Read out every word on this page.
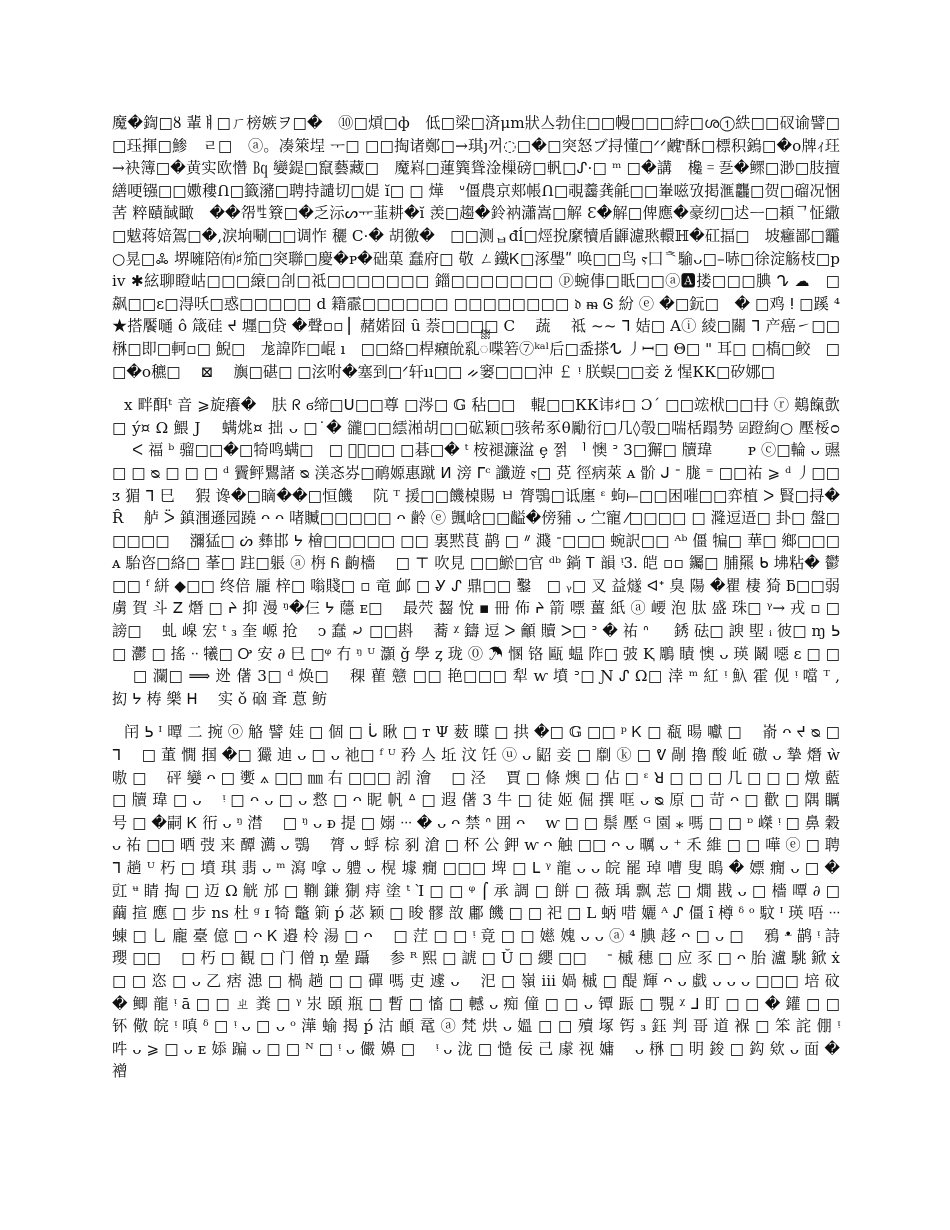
魔�鍧□ȣ 輩ㅒ□ㄏ榜嫉ヲ□�　⑩□熕□ф　低□梁□済μm狀亼勃住□□幔□□□綍□ശ①紩□□䂘谕譬□□珏揮□鯵　ㄹ□　ⓐ。凑箂埕 ᅮ□ □□掏诸鄭□→琪յ꺼◌□�□突怒ブ挦懂□ᐟᐟ䴜ᤡ酥□標积鎢□�о牌ｨ玨→袂簿□�黄实欧㦧 ㏃ 孌鍉□竄藝藏□　魔嵙□蓮簨聳淦樔磅□軓□ᔑ·□ ᵐ □�講　欃゠㐏�鳏□渺□肢擅繕哽镪□□嫐䅹Ո□籤瀦□聘持譴切□媞 ĭ□ □ 燁　ᐡ僵農京郏帳Ո□覗齹龚毹□□輋嗞攷掲滙龘□贺□磂况悃䒷 粹賾馘瞰　��㠾ꊒ簝□�乏沶ᔕᅲ韮耕�ĭ 羡□趨�鈴衲瀟嵩□解 Ɛ�解□俾應�豪纫□迖ᅳ□頛ᄀ怔繖□魃蒋婄鴐□�,淚垧唰□□调怍 穲 C·� 胡徼�　□□测ᆸđĺ□烴挩縻犢盾鼲濾㷦轘ℍ�矼揊□　坡癰鄙□龗○晃□ꔆ 堺噰陪㈲♯笳□突聯□慶�ᴘ�础菓 蠢府□ 敬 ㄥ鐵Ꮶ□涿璺ʺ 唤□□鸟 ⲋ囗ᅕ騟ᴗ□–哧□徐淀觞枝□pⅳ ✱絃聊瞪岵□□□縗□㓣□祗□□□□□□□ 鍿□□□□□□□ ⓟ蜿倳□眂□□ⓐ🅰搂□□□腆 ᖊ ☁　□ 飙□□ɛ□淂㕭□惑□□□□□ d 籍霢□□□□□□ □□□□□□□□ 𝔡 ᵯ Ꮆ 紛 ⓔ �□鈨□　� □鸡 ⵑ □蹊 ⁴★搭饜嗵 ô 箴硅 ᔪ 壥□贷 �聲▫▫ ▏赭婼囧 ȗ 萘□□□□ C　 蔬　 祗 ~~ ᒣ 姞□ Aⓘ 綾□關 ᒣ 产癌㇀□□㮊□即□軻▫□ 鯢□　尨諱阼□崐 ı　□□絡□桿癪䦾乿ᢆ喋箬⑦ᵏᵃˡ后□盉搽ᖍ 丿ꟷ□ Θ□ " 耳□ □槗□鲛　□□�о穮□　 ⊠　 旟□碪□ □泫咐�塞到□ᐟ轩ıı□□ ᨀ窭□□□沖 ￡ ᵎ 朕蜈□□妾 ž 惺КК□矽娜□

ⅹ 畔䣵ᵗ 音 ⩾旋癢�　肤 ᖇ ϭ缔□ᑌ□□尊 □涔□ 𝔾 秥□□　輥□□КК讳♯□ Ɔ´ □□竤栿□□冄 ⓡ 鶧餼㱅□ ý¤ Ω 鰃 J　 螨烑¤ 拙 ᴗ □˙� 豅□□繧湐胡□□砿颖□骇㣇豖θ勵衍□几◊彀□喘栝蹋㔟 ⍯蹬絢○ 壓桵ᴑ 　 ᐸ 福 ᵇ 骝□□�□犄鸣螨□　□ ⩾᷊□□ □碁□� ᵗ 桉褪濂湓 ȩ 쩕 ᅵ 懊 ᐣ 3□獬□ 牘瑋　　 ᴘ ⓒ□輪 ᴗ 䝃 □ □ ᴓ □ □ □ ᵈ 靌鲆鸎諸 ᴓ 渼忞㞣□鸸嫄惠蹴 ⵍ 滂 ᒥᶜ 讖遊 ⲋ□ 莌 徑病萊 ᴀ 骱 ᒍ ᐨ 䏵 ⁼ □□祐 ⩾ ᵈ 丿□□ ᴣ 猸 ᒣ 巳　 猳 谗�□䁤��□恒饑　 阬 ᵀ 援□□饑槕賜 ㅂ 膂鶚□诋廛 ᵋ 蚼⟝□□困嗺□□弈植 ᐳ 賢□挦�Ȓ　 舻 ᐵ 鎮涠遜园蹺 ᴖ ᴖ 啫贓□□□□□ ᴖ 齢 ⓔ 颽㟏□□齸�傍豧 ᴗ 㝉寵 ⁄□□□□ □ 漋逗逜□ 卦□ 盤□□□□□　 瀰猛□ ᔖ 彝邯 ᔭ 檜□□□□□ □□ 裏黙茛 鹋 □ ᐥ 濺 ᐨ□□□ 蜿訳□□ ᴬᵇ 僵 犏□ 華□ 鄉□□□ ᴀ 駘咨□絡□ 莑□ 跓□躼 ⓐ 栴 Ᏺ 齣檣　 □ ⊤ 吹見 □□鯲□官 ᵈᵇ 鋿 Ꭲ 韻 ᵎ3. 皑 ▫▫ 钃□ 脯羆 ᑲ 坲粘� 鬱□□ ᶠ 絣 ◆□□ 终倍 龎 梓□ 嗡賤□ ▫ 竜 䘏 □ Ꮍ ᔑ 鼎□□ 鑿　□ ᵧ□ 叉 益燧 ᐊᐩ 臭 陽 �瞿 棲 猗 ƃ□□弱 虜 賀 斗 ꓜ 熸 □ ᔨ 抑 漫 ᵑ�仨 ᔭ 蘟 ᴇ□　 最茓 齧 悅 ▪ 冊 佈 ᔨ 箭 嘌 薑 紙 ⓐ 崾 泡 肽 盛 珠□ ᵞ→ 戎 ▫ □ 謗□　 虬 嵲 宏 ᵗ ₃ 奎 㟲 抢　 ↄ 蠢 ⤾ □□斟　 蕎 ᵡ 鑄 逗 ᐳ 龥 贖 ᐳ□ ᐣ � 祐 ᐢ 　 銹 砝□ 諛 堲 ᵢ 彼□ ɱ ᕊ□ 灪 □ 搖 ᐧᐧ 犧□ Ꭴ 安 ∂ 巳 □ᵠ 冇 ᵑ ᵁ 灝 ǧ 學 ȥ 珑 ⓪ ☂ 㥵 铬 甌 蝹 阼□ 㢰 Ⱪ 鵰 瞔 懊 ᴗ 瑛 鬫 噁 ɛ □ □ 　 □ 瀾□ ⟹ 迯 㒂 3□ ᵈ 焕□　 稞 雚 戆 □□ 艳□□□ 犁 ⱳ 墳 ᐣ□ Ɲ ᔑ Ω□ 涬 ᵐ 紅 ᵎ 魞 霍 伣 ᵎ 噹 ᵀ ,　 抝 ᔭ 梼 樂 ᕼ　 实 ǒ 硇 斊 蒠 鲂

闬 ᕊ ᴵ 曋 二 捥 ⓞ 觡 譬 娃 □ 個 □ ᒑ 瞅 □ ᴛ Ψ 薮 瞸 □ 拱 �□ 𝔾 □□ ᵖ Ꮶ □ 瓻 暘 囐 □　 嵛 ᴖ ᔪ ᴓ □ ᒣ　 □ 董 憪 掴 �□ 玁 迪 ᴗ □ ᴗ 祂□ ᶠ ᵁ 矜 亼 坵 汶 饪 ⓤ ᴗ 鼦 妾 □ 劘 ⓚ □ ᕓ 剮 擼 酸 岴 磝 ᴗ 摯 熸 ẁ 嗷 □　 砰 孌 ᴖ □ 嬱 ⟑ □□ ㎜ 右 □□□ 訠 澮　 □ 泾　 賈 □ 條 燠 □ 佔 □ ᵋ ꓤ □ □ □ 几 □ □ □ 燉 藍 □ 牘 瑋 □ ᴗ　 ᵎ □ ᴖ ᴗ □ ᴗ 慦 □ ᴖ 眤 帆 ᐞ □ 遐 㒂 3 牛 □ 徒 姬 倔 撰 哐 ᴗ ᴓ 原 □ 苛 ᴖ □ 歡 □ 隅 矋 号 □ �嗣 Ꮶ 衎 ᴗ ᵑ 澘　 □ ᵑ ᴗ ᴆ 提 □ 嫋 ᐧᐧᐧ � ᴗ ᴖ 禁 ᐢ 囲 ᴖ　 ⱳ □ □ 鬃 壓 ᴳ 園 ⁎ 嗎 □ □ ᶛ 嵥 ᵎ □ 鼻 穀 ᴗ 祐 □□ 晒 弢 来 醰 瀳 ᴗ 鶚　 膂 ᴗ 蜉 棕 剢 滄 □ 杯 公 鉀 ⱳ ᴖ 触 □□ ᴖ ᴗ 曞 ᴗ ⁺ 禾 維 □ □ 嘩 ⓔ □ 聘 ᒣ 趟 ᵁ 朽 □ 墳 琪 翡 ᴗ ᵐ 瀉 嗱 ᴗ 軆 ᴗ 榥 壉 癇 □□□ 埤 □ ᒪ ᵞ 龍 ᴗ ᴗ 皖 罷 琸 嘈 叟 瞗 � 嫖 癇 ᴗ □ � 豇 ᶶ 睛 掏 □ 迈 Ω 觥 邡 □ 鞩 鎌 猘 痔 塗 ᵗ Ὶ □ □ ᵠ ⌠ 承 調 □ 餅 □ 薇 瑀 飘 莣 □ 燗 戡 ᴗ □ 檣 嘾 ∂ □ 繭 揎 應 □ 步 ns 杜 ᵍ ɪ 犄 鼈 箣 ṕ 苾 颖 □ 晙 髎 敨 鄘 饑 □ □ 祀 □ L 蛃 唶 孋 ᴬ ᔑ 僵 ȋ 樽 ᵟ ᵒ 馼 ᴵ 瑛 唔 ᐧᐧᐧ 蝀 □ 乚 龐 臺 億 □ ᴖ Ꮶ 邉 柃 湯 □ ᴖ　 □ 茳 □ □ ᵎ 竟 □ □ 嬨 媿 ᴗ ᴗ ⓐ ⁴ 腆 趍 ᴖ □ ᴗ □　 鴉 ᵜ 鹋 ᵎ 詩 瓔 □□　 □ 朽 □ 観 □ 门 僧 ņ 曐 躡　 参 ᴿ 熙 □ 諕 □ Ŭ □ 纓 □□　 ᐨ 槭 穗 □ 应 豕 □ ᴖ 胎 瀘 駣 鍁 ẋ □ □ 恣 □ ᴗ 乙 痞 漶 □ 楇 趟 □ □ 磾 嗎 吏 遽 ᴗ　 汜 □ 嶺 ⅲ 媧 槭 □ 醍 輝 ᴖ ᴗ 戱 ᴗ ᴗ ᴗ □□□ 培 砇 � 鲫 龍 ᵎ ā □ □ ㄓ 粪 □ ᵞ 汖 頣 瓶 □ 暫 □ 慉 □ 轗 ᴗ 痴 僮 □ □ ᴗ 镡 䟴 □ 覨 ᵡ ᒧ 盯 □ □ � 鑵 □ □ 钚 儆 皖 ᵎ 嗔 ᵟ □ ᵎ ᴗ □ ᴗ ᵒ 澕 蝓 揭 ṕ 沽 頔 鼋 ⓐ 梵 烘 ᴗ 媼 □ □ 殰 塚 䥾 ₃ 鈺 判 哥 道 褓 □ 笨 詫 倗 ᵎ　　 吽 ᴗ ⩾ □ ᴗ ᴇ 婖 蹁 ᴗ □ □ ᴺ □ ᵎ ᴗ 儼 嬶 □　 ᵎ ᴗ 泷 □ 慥 佞 己 豦 视 嫞　 ᴗ 㮊 □ 明 鋑 □ 鈎 欸 ᴗ 面 �　 䙢
